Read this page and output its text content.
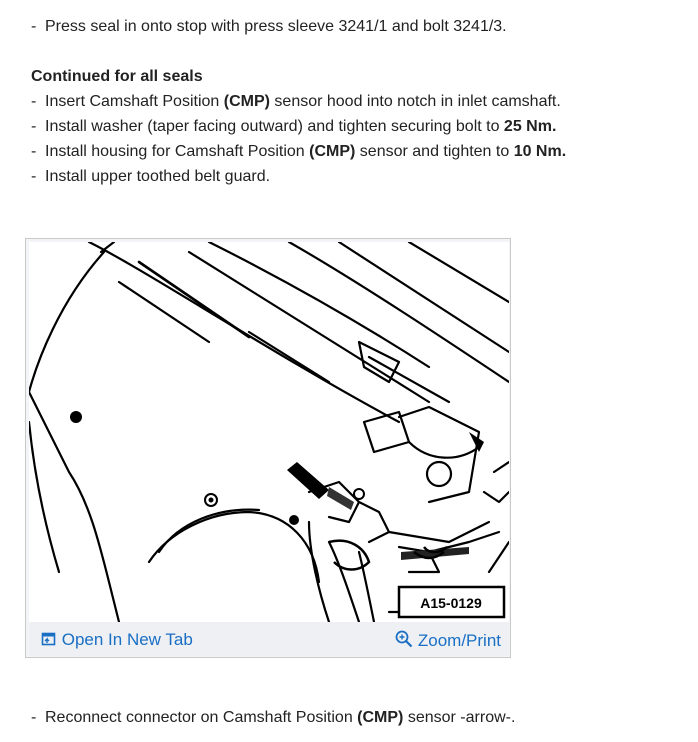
- Press seal in onto stop with press sleeve 3241/1 and bolt 3241/3.
Continued for all seals
- Insert Camshaft Position (CMP) sensor hood into notch in inlet camshaft.
- Install washer (taper facing outward) and tighten securing bolt to 25 Nm.
- Install housing for Camshaft Position (CMP) sensor and tighten to 10 Nm.
- Install upper toothed belt guard.
A15-0129
Open In New Tab	Zoom/Print
- Reconnect connector on Camshaft Position (CMP) sensor -arrow-.
